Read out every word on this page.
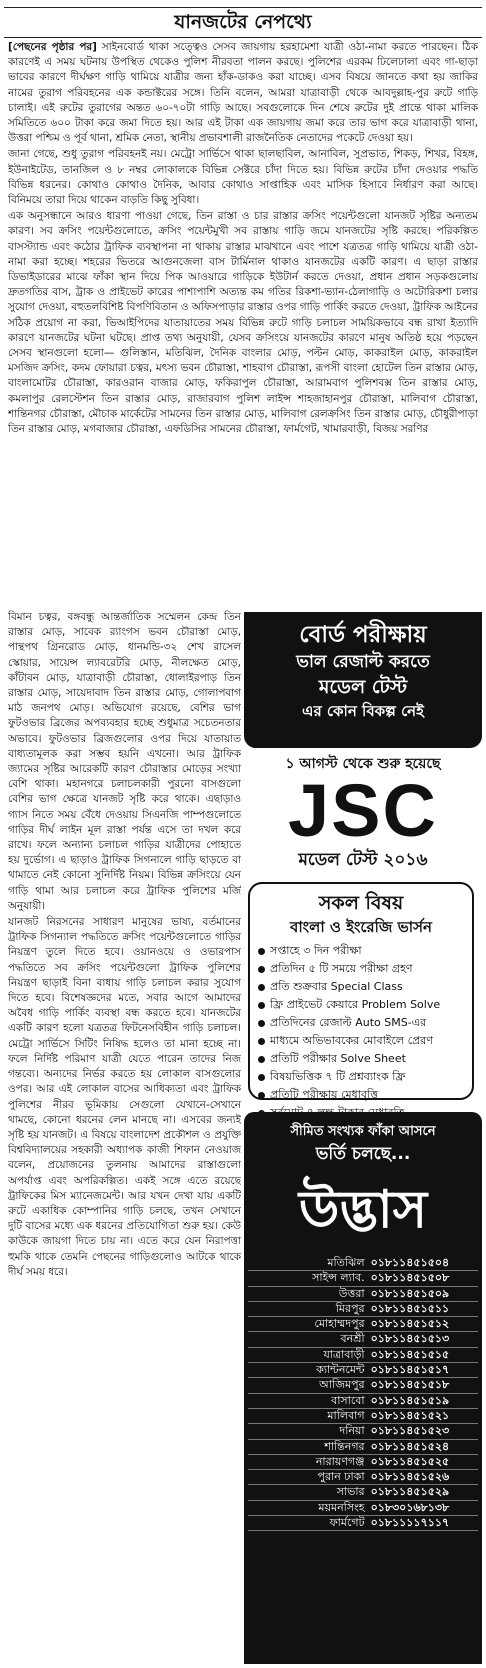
যানজটের নেপথ্যে

[পেছনের পৃষ্ঠার পর] সাইনবোর্ড থাকা সত্ত্বেও সেসব জায়গায় হরহামেশা যাত্রী ওঠা-নামা করতে পারছেন। ঠিক কারণেই এ সময় ঘটনায় উপস্থিত থেকেও পুলিশ নীরবতা পালন করছে। পুলিশের এরকম ঢিলেঢালা এবং গা-ছাড়া ভাবের কারণে দীর্ঘক্ষণ গাড়ি থামিয়ে যাত্রীর জন্য হাঁক-ডাকও করা যাচ্ছে। এসব বিষয়ে জানতে কথা হয় জাকির নামের তুরাগ পরিবহনের এক কন্ডাক্টরের সঙ্গে। তিনি বলেন, আমরা যাত্রাবাড়ী থেকে আবদুল্লাহ-পুর রুটে গাড়ি চালাই। এই রুটের তুরাগের অন্তত ৬০-৭০টা গাড়ি আছে। সবগুলোকে দিন শেষে রুটের দুই প্রান্তে থাকা মালিক সমিতিতে ৬০০ টাকা করে জমা দিতে হয়। আর এই টাকা এক জায়গায় জমা করে তার ভাগ করে যাত্রাবাড়ী থানা, উত্তরা পশ্চিম ও পূর্ব থানা, শ্রমিক নেতা, স্থানীয় প্রভাবশালী রাজনৈতিক নেতাদের পকেটে দেওয়া হয়।

জানা গেছে, শুধু তুরাগ পরিবহনই নয়। মেট্রো সার্ভিসে থাকা ছালছাবিল, আনাবিল, সুপ্রভাত, শিকড়, শিখর, বিহঙ্গ, ইউনাইটেড, তানজিল ও ৮ নম্বর লোকালকে বিভিন্ন সেক্টরে চাঁদা দিতে হয়। বিভিন্ন রুটের চাঁদা দেওয়ার পদ্ধতি বিভিন্ন ধরনের। কোথাও কোথাও দৈনিক, আবার কোথাও সাপ্তাহিক এবং মাসিক হিসাবে নির্ধারণ করা আছে। বিনিময়ে তারা দিয়ে থাকেন বাড়তি কিছু সুবিধা।

এক অনুসন্ধানে আরও ধারণা পাওয়া গেছে, তিন রাস্তা ও চার রাস্তার ক্রসিং পয়েন্টগুলো যানজট সৃষ্টির অন্যতম কারণ। সব ক্রসিং পয়েন্টগুলোতে, ক্রসিং পয়েন্টমুখী সব রাস্তায় গাড়ি জমে যানজটের সৃষ্টি করছে। পরিকল্পিত বাসস্ট্যান্ড এবং কঠোর ট্রাফিক ব্যবস্থাপনা না থাকায় রাস্তার মাঝখানে এবং পাশে যত্রতত্র গাড়ি থামিয়ে যাত্রী ওঠা-নামা করা হচ্ছে। শহরের ভিতরে আগুনজেলা বাস টার্মিনাল থাকাও যানজটের একটি কারণ। এ ছাড়া রাস্তার ডিভাইডারের মাঝে ফাঁকা স্থান দিয়ে পিক আওয়ারে গাড়িকে ইউটার্ন করতে দেওয়া, প্রধান প্রধান সড়কগুলোয় দ্রুতগতির বাস, ট্রাক ও প্রাইভেট কারের পাশাপাশি অত্যন্ত কম গতির রিকশা-ভ্যান-ঠেলাগাড়ি ও অটোরিকশা চলার সুযোগ দেওয়া, বহুতলবিশিষ্ট বিপণিবিতান ও অফিসপাড়ার রাস্তার ওপর গাড়ি পার্কিং করতে দেওয়া, ট্রাফিক আইনের সঠিক প্রয়োগ না করা, ভিআইপিদের যাতায়াতের সময় বিভিন্ন রুটে গাড়ি চলাচল সাময়িকভাবে বন্ধ রাখা ইত্যাদি কারণে যানজটের ঘটনা ঘটছে। প্রাপ্ত তথ্য অনুযায়ী, যেসব ক্রসিংয়ে যানজটের কারণে মানুষ অতিষ্ঠ হয়ে পড়ছেন সেসব স্থানগুলো হলো— গুলিস্তান, মতিঝিল, দৈনিক বাংলার মোড়, পল্টন মোড়, কাকরাইল মোড়, কাকরাইল মসজিদ ক্রসিং, কদম ফোয়ারা চত্বর, মৎস্য ভবন চৌরাস্তা, শাহবাগ চৌরাস্তা, রূপসী বাংলা হোটেল তিন রাস্তার মোড়, বাংলামোটর চৌরাস্তা, কারওরান বাজার মোড়, ফকিরাপুল চৌরাস্তা, আরামবাগ পুলিশবক্স তিন রাস্তার মোড়, কমলাপুর রেলস্টেশন তিন রাস্তার মোড়, রাজারবাগ পুলিশ লাইন্স শাহজাহানপুর চৌরাস্তা, মালিবাগ চৌরাস্তা, শান্তিনগর চৌরাস্তা, মৌচাক মার্কেটের সামনের তিন রাস্তার মোড়, মালিবাগ রেলক্রসিং তিন রাস্তার মোড়, চৌধুরীপাড়া তিন রাস্তার মোড়, মগবাজার চৌরাস্তা, এফডিসির সামনের চৌরাস্তা, ফার্মগেট, খামারবাড়ী, বিজয় সরণির

বিমান চত্বর, বঙ্গবন্ধু আন্তর্জাতিক সম্মেলন কেন্দ্র তিন রাস্তার মোড়, সাবেক র‍্যাংগস ভবন চৌরাস্তা মোড়, পান্থপথ গ্রিনরোড মোড়, ধানমন্ডি-৩২ শেখ রাসেল স্কোয়ার, সায়েন্স ল্যাবরেটরি মোড়, নীলক্ষেত মোড়, কাঁটাবন মোড়, যাত্রাবাড়ী চৌরাস্তা, ধোলাইরপাড় তিন রাস্তার মোড়, সায়েদাবাদ তিন রাস্তার মোড়, গোলাপবাগ মাঠ জনপথ মোড়। অভিযোগ রয়েছে, বেশির ভাগ ফুটওভার ব্রিজের অপব্যবহার হচ্ছে শুধুমাত্র সচেতনতার অভাবে। ফুটওভার ব্রিজগুলোর ওপর দিয়ে যাতায়াত বাধ্যতামূলক করা সম্ভব হয়নি এখনো। আর ট্রাফিক জ্যামের সৃষ্টির আরেকটি কারণ চৌরাস্তার মোড়ের সংখ্যা বেশি থাকা। মহানগরে চলাচলকারী পুরনো বাসগুলো বেশির ভাগ ক্ষেত্রে যানজট সৃষ্টি করে থাকে। এছাড়াও গ্যাস নিতে সময় বেঁধে দেওয়ায় সিএনজি পাম্পগুলোতে গাড়ির দীর্ঘ লাইন মূল রাস্তা পর্যন্ত এসে তা দখল করে রাখে। ফলে অন্যান্য চলাচল গাড়ির যাত্রীদের পোহাতে হয় দুর্ভোগ। এ ছাড়াও ট্রাফিক সিগনালে গাড়ি ছাড়তে বা থামাতে নেই কোনো সুনির্দিষ্ট নিয়ম। বিভিন্ন ক্রসিংয়ে যেন গাড়ি থামা আর চলাচল করে ট্রাফিক পুলিশের মর্জি অনুযায়ী।

যানজট নিরসনের সাধারণ মানুষের ভাষ্য, বর্তমানের ট্রাফিক সিগন্যাল পদ্ধতিতে ক্রসিং পয়েন্টগুলোতে গাড়ির নিয়ন্ত্রণ তুলে দিতে হবে। ওয়ানওয়ে ও ওভারপাস পদ্ধতিতে সব ক্রসিং পয়েন্টগুলো ট্রাফিক পুলিশের নিয়ন্ত্রণ ছাড়াই বিনা বাধায় গাড়ি চলাচল করার সুযোগ দিতে হবে। বিশেষজ্ঞদের মতে, সবার আগে আমাদের অবৈধ গাড়ি পার্কিং ব্যবস্থা বন্ধ করতে হবে। যানজটের একটি কারণ হলো যত্রতত্র ফিটনেসবিহীন গাড়ি চলাচল। মেট্রো সার্ভিসে সিটিং নিষিদ্ধ হলেও তা মানা হচ্ছে না। ফলে নির্দিষ্ট পরিমাণ যাত্রী যেতে পারেন তাদের নিজ গন্তব্যে। অন্যদের নির্ভর করতে হয় লোকাল বাসগুলোর ওপর। আর এই লোকাল বাসের আধিক্যতা এবং ট্রাফিক পুলিশের নীরব ভূমিকায় সেগুলো যেখানে-সেখানে থামছে, কোনো ধরনের লেন মানছে না। এসবের জন্যই সৃষ্টি হয় যানজট। এ বিষয়ে বাংলাদেশ প্রকৌশল ও প্রযুক্তি বিশ্ববিদ্যালয়ের সহকারী অধ্যাপক কাজী শিফান নেওয়াজ বলেন, প্রয়োজনের তুলনায় আমাদের রাস্তাগুলো অপর্যাপ্ত এবং অপরিকল্পিত। একই সঙ্গে এতে রয়েছে ট্রাফিকের মিস ম্যানেজমেন্ট। আর যখন দেখা যায় একটি রুটে একাধিক কোম্পানির গাড়ি চলছে, তখন সেখানে দুটি বাসের মধ্যে এক ধরনের প্রতিযোগিতা শুরু হয়। কেউ কাউকে জায়গা দিতে চায় না। এতে করে যেন নিরাপত্তা হুমকি থাকে তেমনি পেছনের গাড়িগুলোও আটকে থাকে দীর্ঘ সময় ধরে।

বোর্ড পরীক্ষায়
ভাল রেজাল্ট করতে
মডেল টেস্ট
এর কোন বিকল্প নেই
১ আগস্ট থেকে শুরু হয়েছে
JSC
মডেল টেস্ট ২০১৬
সকল বিষয়
বাংলা ও ইংরেজি ভার্সন
সপ্তাহে ৩ দিন পরীক্ষা
প্রতিদিন ৫ টি সময়ে পরীক্ষা গ্রহণ
প্রতি শুক্রবার Special Class
ফ্রি প্রাইভেট কেয়ারে Problem Solve
প্রতিদিনের রেজাল্ট Auto SMS-এর
মাধ্যমে অভিভাবকের মোবাইলে প্রেরণ
প্রতিটি পরীক্ষার Solve Sheet
বিষয়ভিত্তিক ৭ টি প্রশ্নব্যাংক ফ্রি
প্রতিটি পরীক্ষায় মেধাবৃত্তি
সর্বমোট ৪ লক্ষ টাকার মেধাবৃত্তি
সীমিত সংখ্যক ফাঁকা আসনে
ভর্তি চলছে...
উদ্ভাস
মতিঝিল	০১৮১১৪৫১৫০৪
সাইন্স ল্যাব.	০১৮১১৪৫১৫০৮
উত্তরা	০১৮১১৪৫১৫০৯
মিরপুর	০১৮১১৪৫১৫১১
মোহাম্মদপুর	০১৮১১৪৫১৫১২
বনশ্রী	০১৮১১৪৫১৫১৩
যাত্রাবাড়ী	০১৮১১৪৫১৫১৫
ক্যান্টনমেন্ট	০১৮১১৪৫১৫১৭
আজিমপুর	০১৮১১৪৫১৫১৮
বাসাবো	০১৮১১৪৫১৫১৯
মালিবাগ	০১৮১১৪৫১৫২১
দনিয়া	০১৮১১৪৫১৫২৩
শান্তিনগর	০১৮১১৪৫১৫২৪
নারায়ণগঞ্জ	০১৮১১৪৫১৫২৫
পুরান ঢাকা	০১৮১১৪৫১৫২৬
সাভার	০১৮১১৪৫১৫২৯
ময়মনসিংহ	০১৮৩০১৬৮১৩৮
ফার্মগেট	০১৮১১১১৭১১৭
